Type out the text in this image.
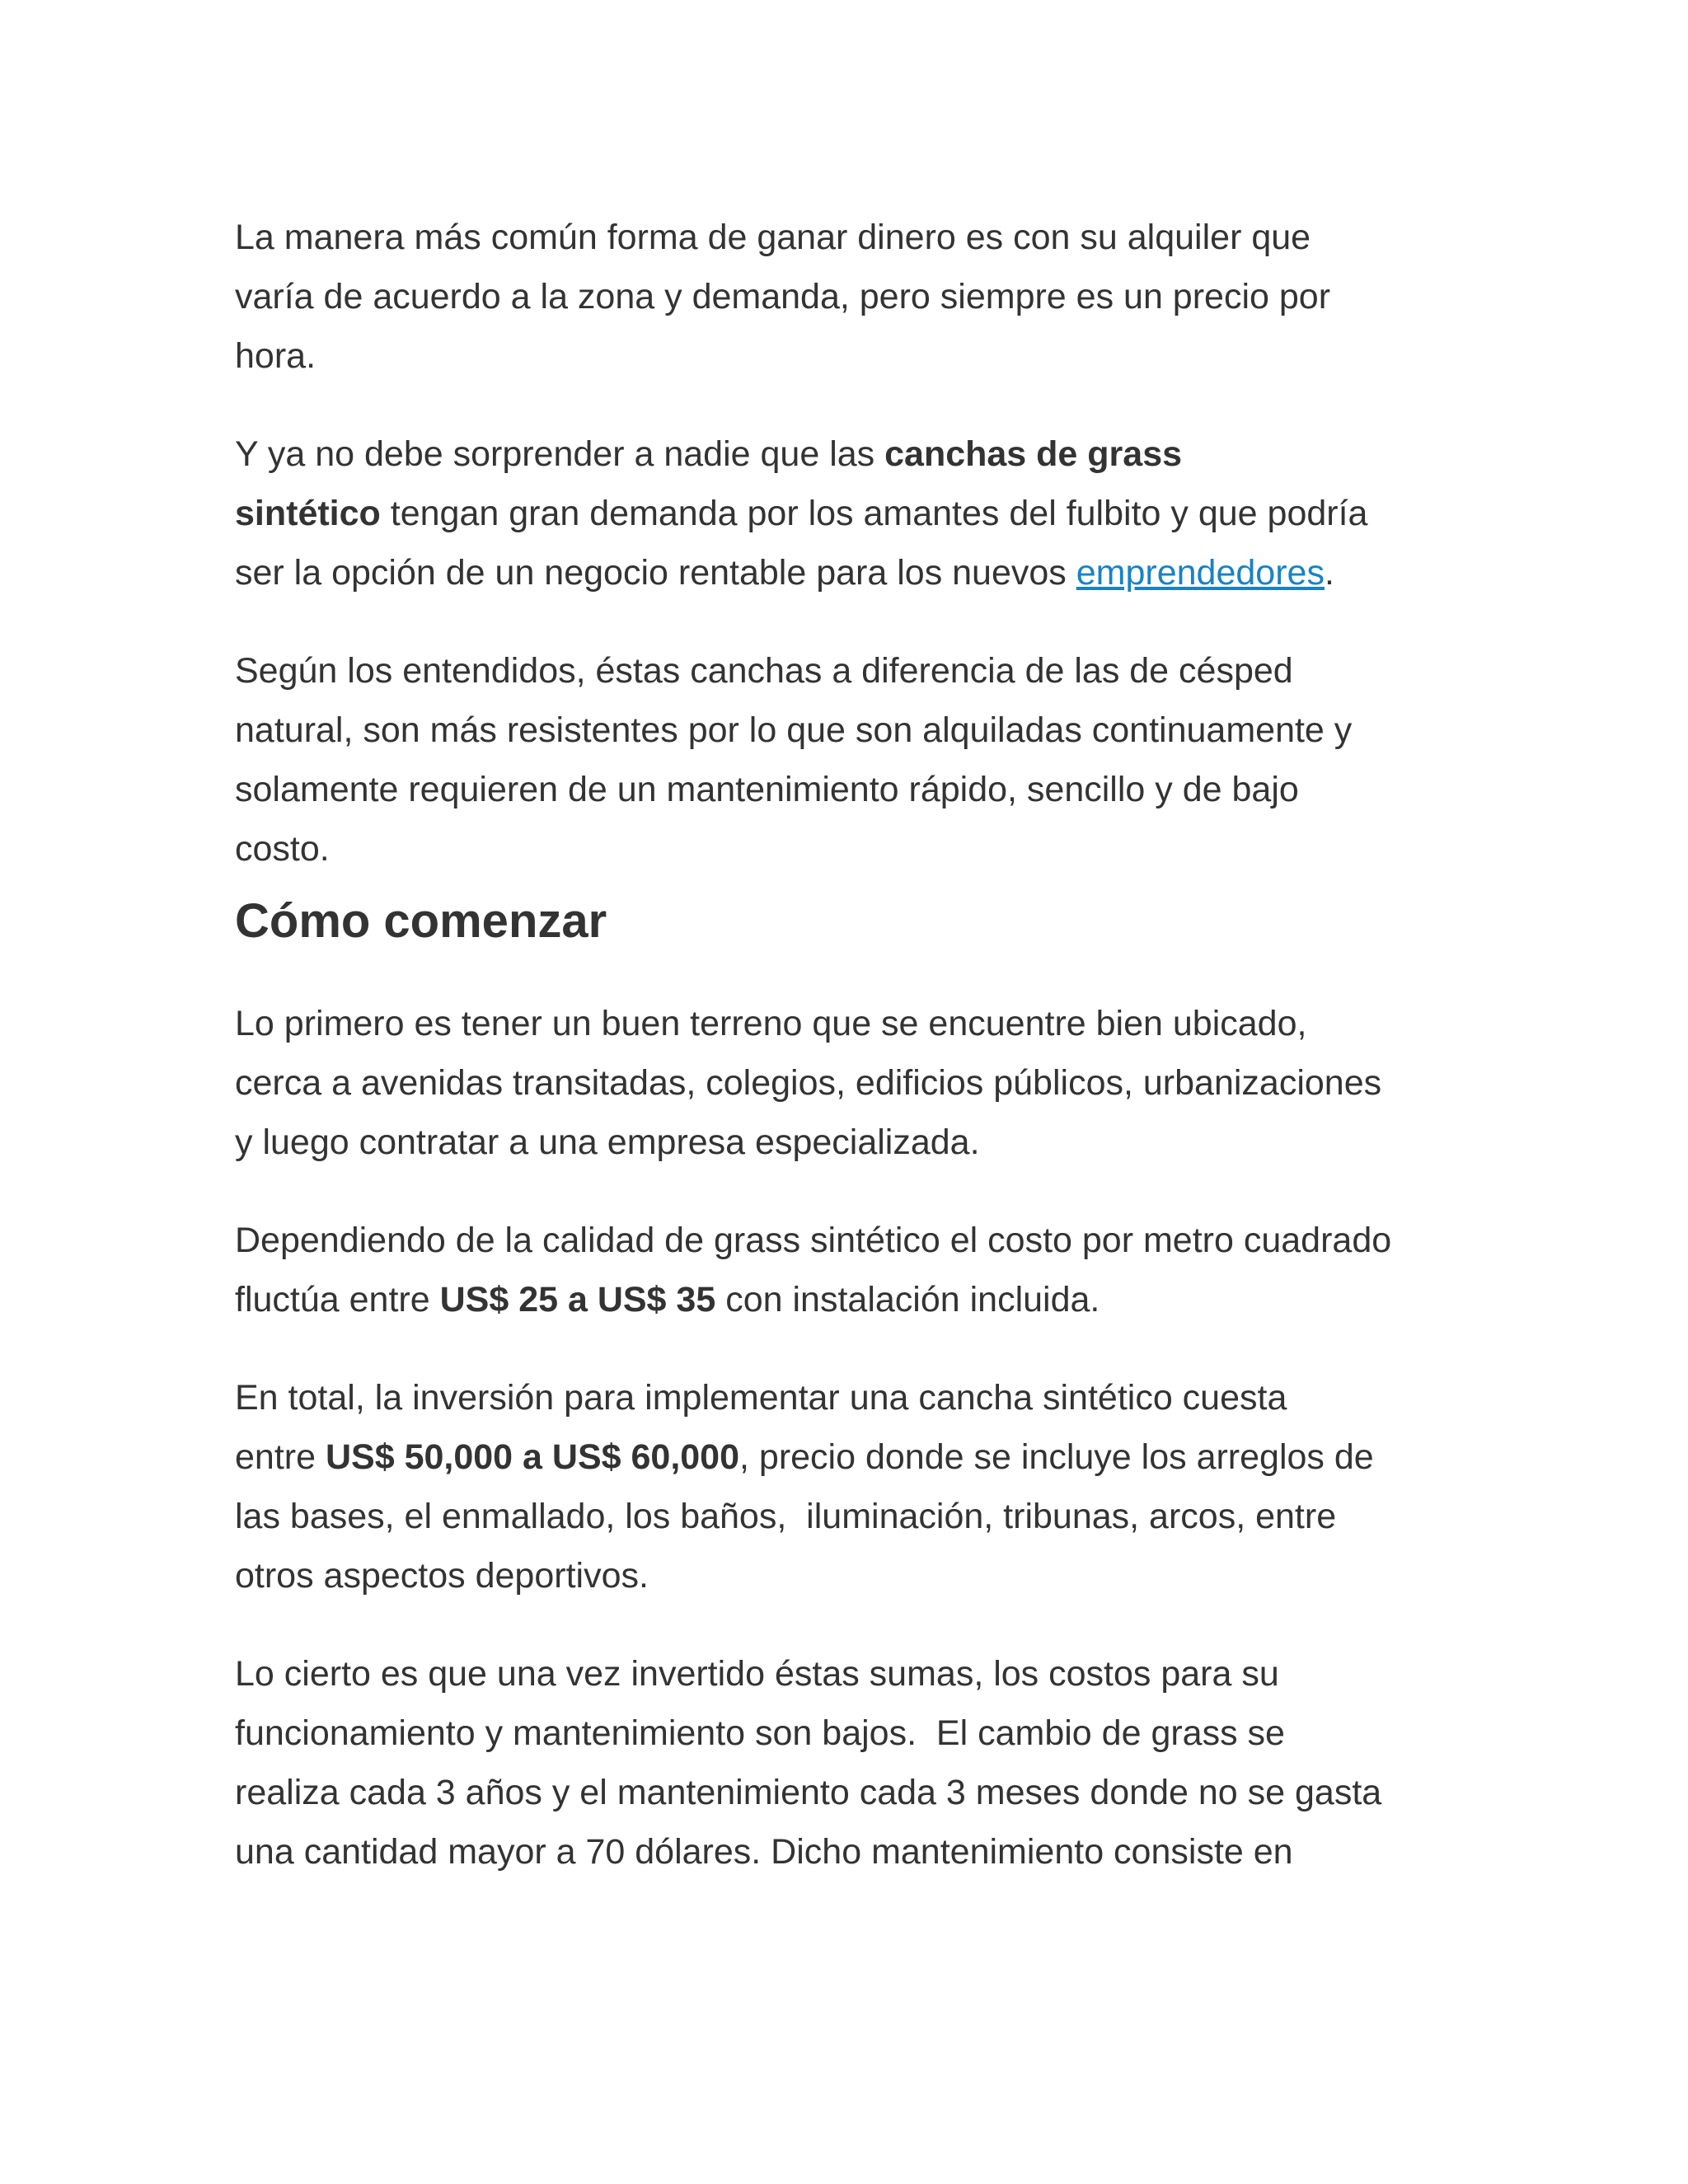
La manera más común forma de ganar dinero es con su alquiler que
varía de acuerdo a la zona y demanda, pero siempre es un precio por
hora.

Y ya no debe sorprender a nadie que las canchas de grass
sintético tengan gran demanda por los amantes del fulbito y que podría
ser la opción de un negocio rentable para los nuevos emprendedores.

Según los entendidos, éstas canchas a diferencia de las de césped
natural, son más resistentes por lo que son alquiladas continuamente y
solamente requieren de un mantenimiento rápido, sencillo y de bajo
costo.

Cómo comenzar

Lo primero es tener un buen terreno que se encuentre bien ubicado,
cerca a avenidas transitadas, colegios, edificios públicos, urbanizaciones
y luego contratar a una empresa especializada.

Dependiendo de la calidad de grass sintético el costo por metro cuadrado
fluctúa entre US$ 25 a US$ 35 con instalación incluida.

En total, la inversión para implementar una cancha sintético cuesta
entre US$ 50,000 a US$ 60,000, precio donde se incluye los arreglos de
las bases, el enmallado, los baños,  iluminación, tribunas, arcos, entre
otros aspectos deportivos.

Lo cierto es que una vez invertido éstas sumas, los costos para su
funcionamiento y mantenimiento son bajos.  El cambio de grass se
realiza cada 3 años y el mantenimiento cada 3 meses donde no se gasta
una cantidad mayor a 70 dólares. Dicho mantenimiento consiste en
